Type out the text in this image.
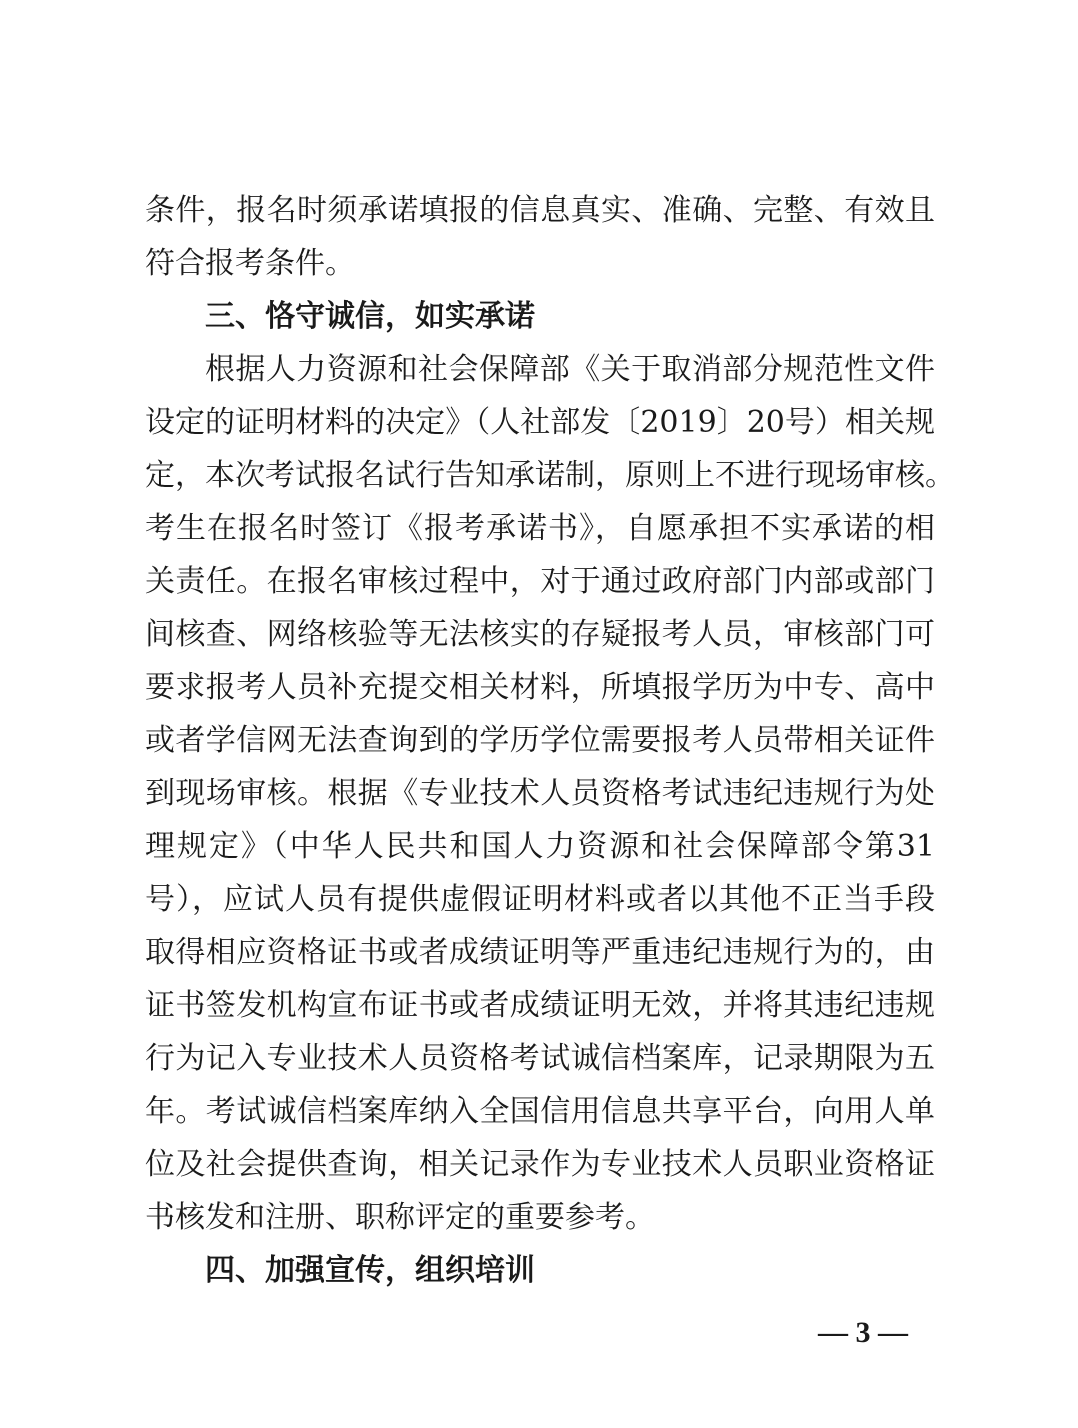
条件，报名时须承诺填报的信息真实、准确、完整、有效且
符合报考条件。
三、恪守诚信，如实承诺
根据人力资源和社会保障部《关于取消部分规范性文件
设定的证明材料的决定》（人社部发〔2019〕20号）相关规
定，本次考试报名试行告知承诺制，原则上不进行现场审核。
考生在报名时签订《报考承诺书》，自愿承担不实承诺的相
关责任。在报名审核过程中，对于通过政府部门内部或部门
间核查、网络核验等无法核实的存疑报考人员，审核部门可
要求报考人员补充提交相关材料，所填报学历为中专、高中
或者学信网无法查询到的学历学位需要报考人员带相关证件
到现场审核。根据《专业技术人员资格考试违纪违规行为处
理规定》（中华人民共和国人力资源和社会保障部令第31
号），应试人员有提供虚假证明材料或者以其他不正当手段
取得相应资格证书或者成绩证明等严重违纪违规行为的，由
证书签发机构宣布证书或者成绩证明无效，并将其违纪违规
行为记入专业技术人员资格考试诚信档案库，记录期限为五
年。考试诚信档案库纳入全国信用信息共享平台，向用人单
位及社会提供查询，相关记录作为专业技术人员职业资格证
书核发和注册、职称评定的重要参考。
四、加强宣传，组织培训
— 3 —
